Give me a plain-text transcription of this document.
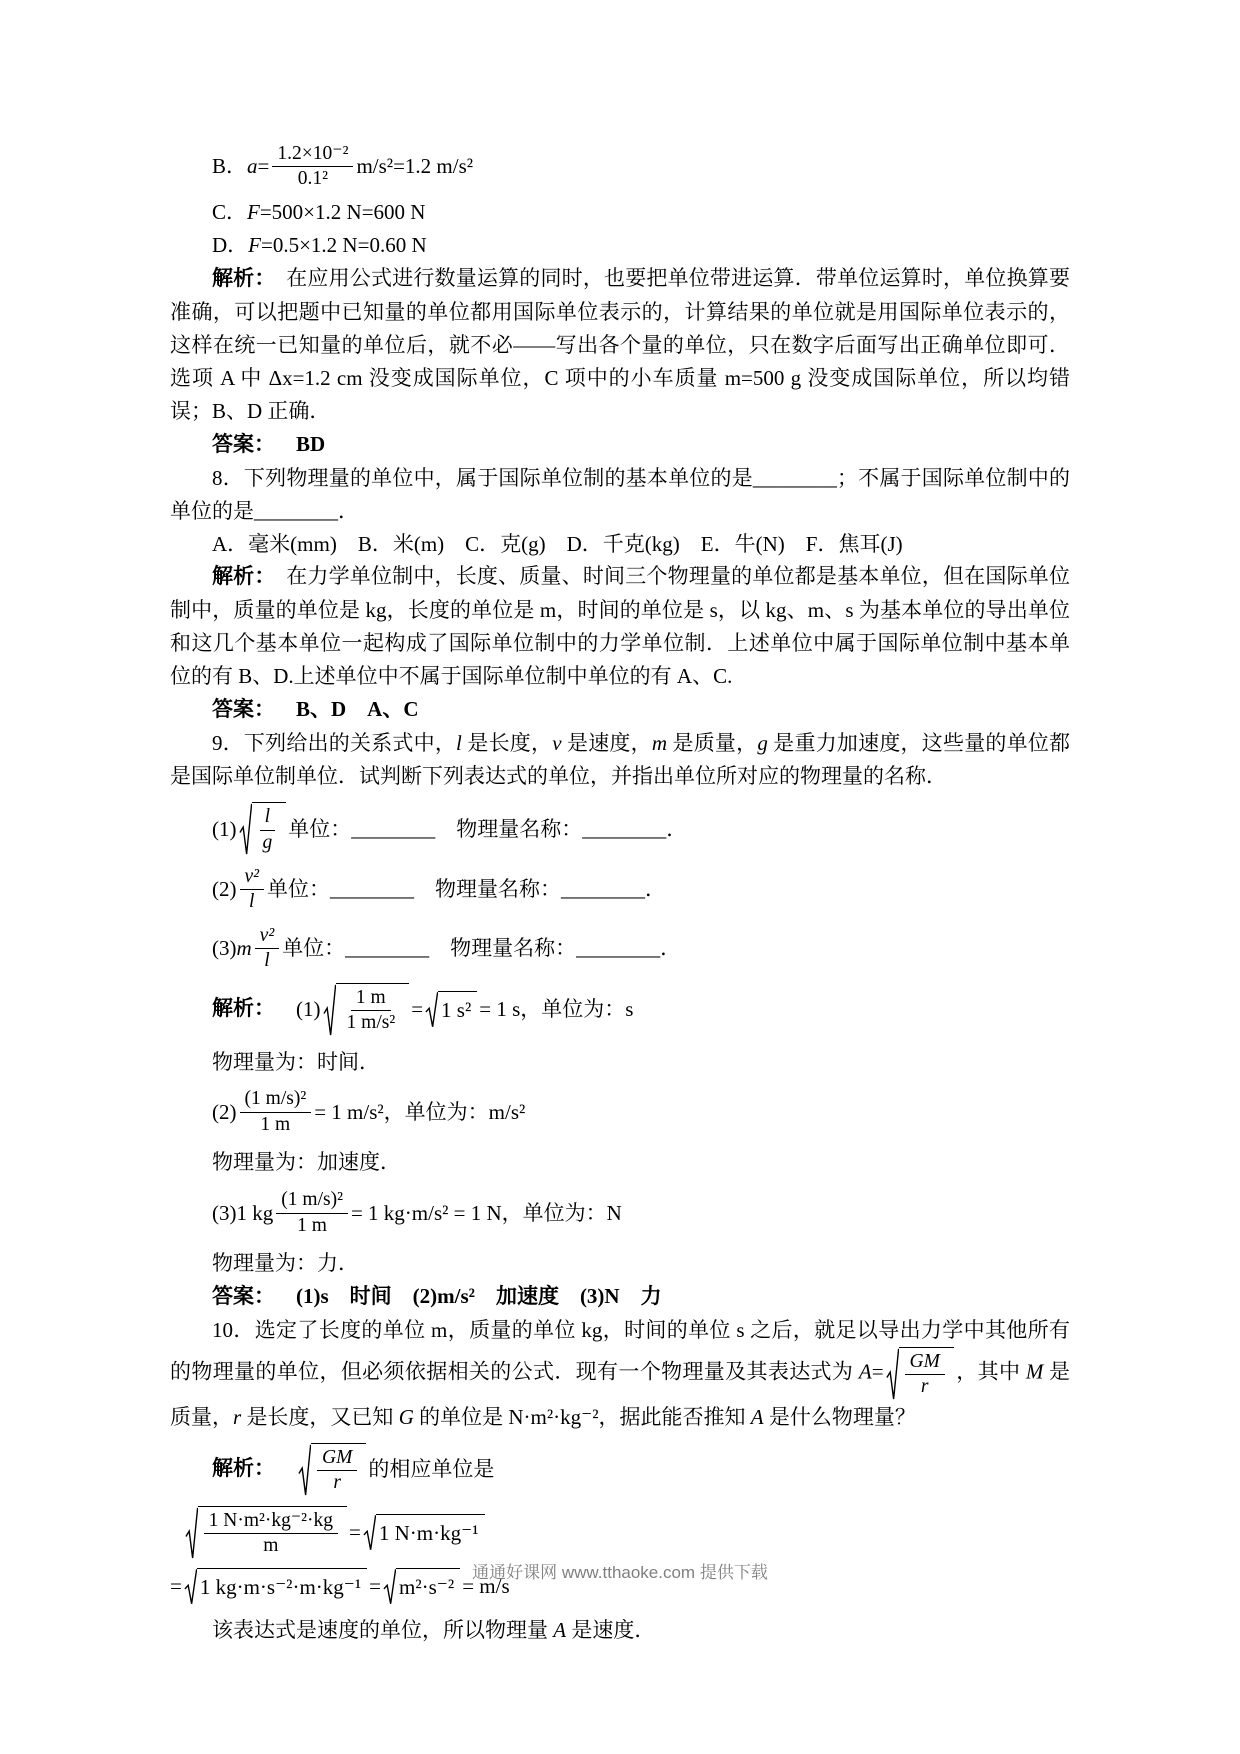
B． $a = \frac{\text{1.2×10⁻²}}{\text{0.1²}} m/s^2=1.2$ m/s²

C．F=500×1.2 N=600 N

D．F=0.5×1.2 N=0.60 N

解析：　在应用公式进行数量运算的同时，也要把单位带进运算．带单位运算时，单位换算要准确，可以把题中已知量的单位都用国际单位表示的，计算结果的单位就是用国际单位表示的，这样在统一已知量的单位后，就不必——写出各个量的单位，只在数字后面写出正确单位即可．选项 A 中 Δx=1.2 cm 没变成国际单位，C 项中的小车质量 m=500 g 没变成国际单位，所以均错误；B、D 正确．

答案： BD

8．下列物理量的单位中，属于国际单位制的基本单位的是________；不属于国际单位制中的单位的是________．

A．毫米(mm)　B．米(m)　C．克(g)　D．千克(kg)　E．牛(N)　F．焦耳(J)

解析：　在力学单位制中，长度、质量、时间三个物理量的单位都是基本单位，但在国际单位制中，质量的单位是 kg，长度的单位是 m，时间的单位是 s，以 kg、m、s 为基本单位的导出单位和这几个基本单位一起构成了国际单位制中的力学单位制．上述单位中属于国际单位制中基本单位的有 B、D.上述单位中不属于国际单位制中单位的有 A、C.

答案： B、D　A、C

9．下列给出的关系式中，l 是长度，v 是速度，m 是质量，g 是重力加速度，这些量的单位都是国际单位制单位．试判断下列表达式的单位，并指出单位所对应的物理量的名称．

$(1) \frac{l}{g}$ 单位：________　物理量名称：________．
$(2) \frac{\text{v²}}{l}$ 单位：________　物理量名称：________．
(3) m $\frac{\text{v²}}{l}$ 单位：________　物理量名称：________．
解析： 　$(1) \frac{1 m}{\text{1 m/s²}} = 1$ s² = 1 s，单位为：s

物理量为：时间．

$(2) \frac{\text{(1 m/s)²}}{1 m} = 1$ m/s²，单位为：m/s²

物理量为：加速度．

(3)1 kg $\frac{\text{(1 m/s)²}}{1 m} = 1$ kg·m/s² = 1 N，单位为：N

物理量为：力．

答案： (1)s　时间　(2)m/s²　加速度　(3)N　力

10．选定了长度的单位 m，质量的单位 kg，时间的单位 s 之后，就足以导出力学中其他所有的物理量的单位，但必须依据相关的公式．现有一个物理量及其表达式为 $A= \frac{GM}{r}$ ，其中 M 是质量，r 是长度，又已知 G 的单位是 N·m²·kg⁻²，据此能否推知 A 是什么物理量？

解析：
　 $\frac{GM}{r}$ 的相应单位是
$\frac{\text{1 N·m²·kg⁻²·kg}}{m} = 1$ N·m·kg⁻¹
= 1 kg·m·s⁻²·m·kg⁻¹ = m²·s⁻² = m/s

该表达式是速度的单位，所以物理量 A 是速度．

通通好课网 www.tthaoke.com 提供下载
